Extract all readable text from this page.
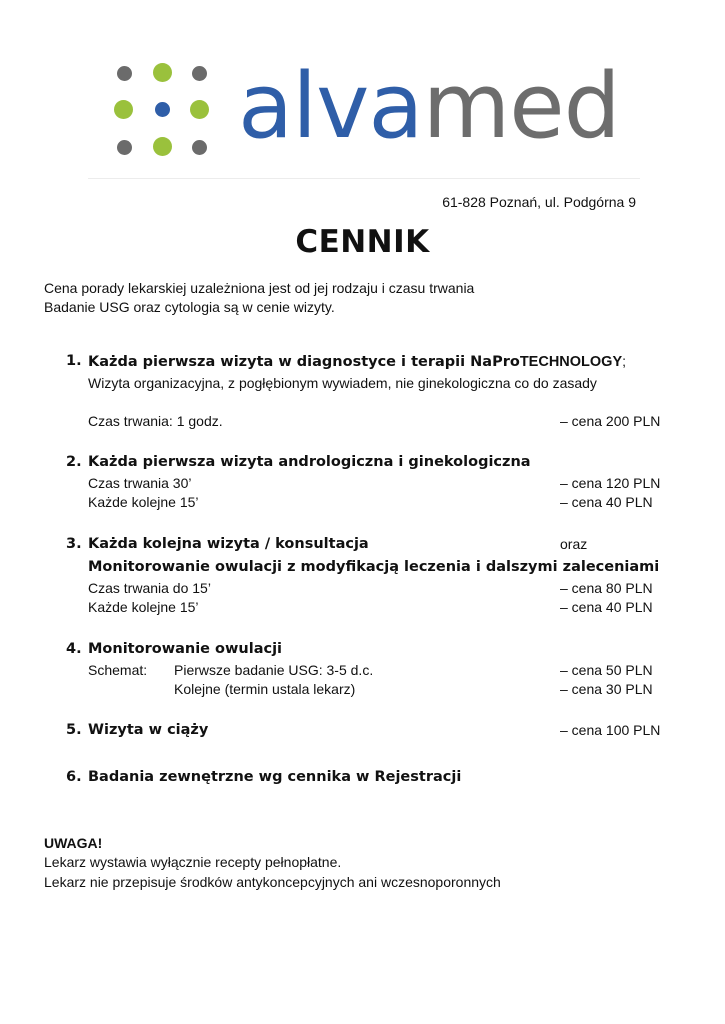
alvamed
61-828 Poznań, ul. Podgórna 9
CENNIK
Cena porady lekarskiej uzależniona jest od jej rodzaju i czasu trwania
Badanie USG oraz cytologia są w cenie wizyty.
1. Każda pierwsza wizyta w diagnostyce i terapii NaProTECHNOLOGY;
Wizyta organizacyjna, z pogłębionym wywiadem, nie ginekologiczna co do zasady
Czas trwania: 1 godz.	– cena 200 PLN
2. Każda pierwsza wizyta andrologiczna i ginekologiczna
Czas trwania 30’	– cena 120 PLN
Każde kolejne 15’	– cena 40 PLN
3. Każda kolejna wizyta / konsultacja	oraz
Monitorowanie owulacji z modyfikacją leczenia i dalszymi zaleceniami
Czas trwania do 15’	– cena 80 PLN
Każde kolejne 15’	– cena 40 PLN
4. Monitorowanie owulacji
Schemat: Pierwsze badanie USG: 3-5 d.c.	– cena 50 PLN
Kolejne (termin ustala lekarz)	– cena 30 PLN
5. Wizyta w ciąży	– cena 100 PLN
6. Badania zewnętrzne wg cennika w Rejestracji
UWAGA!
Lekarz wystawia wyłącznie recepty pełnopłatne.
Lekarz nie przepisuje środków antykoncepcyjnych ani wczesnoporonnych
